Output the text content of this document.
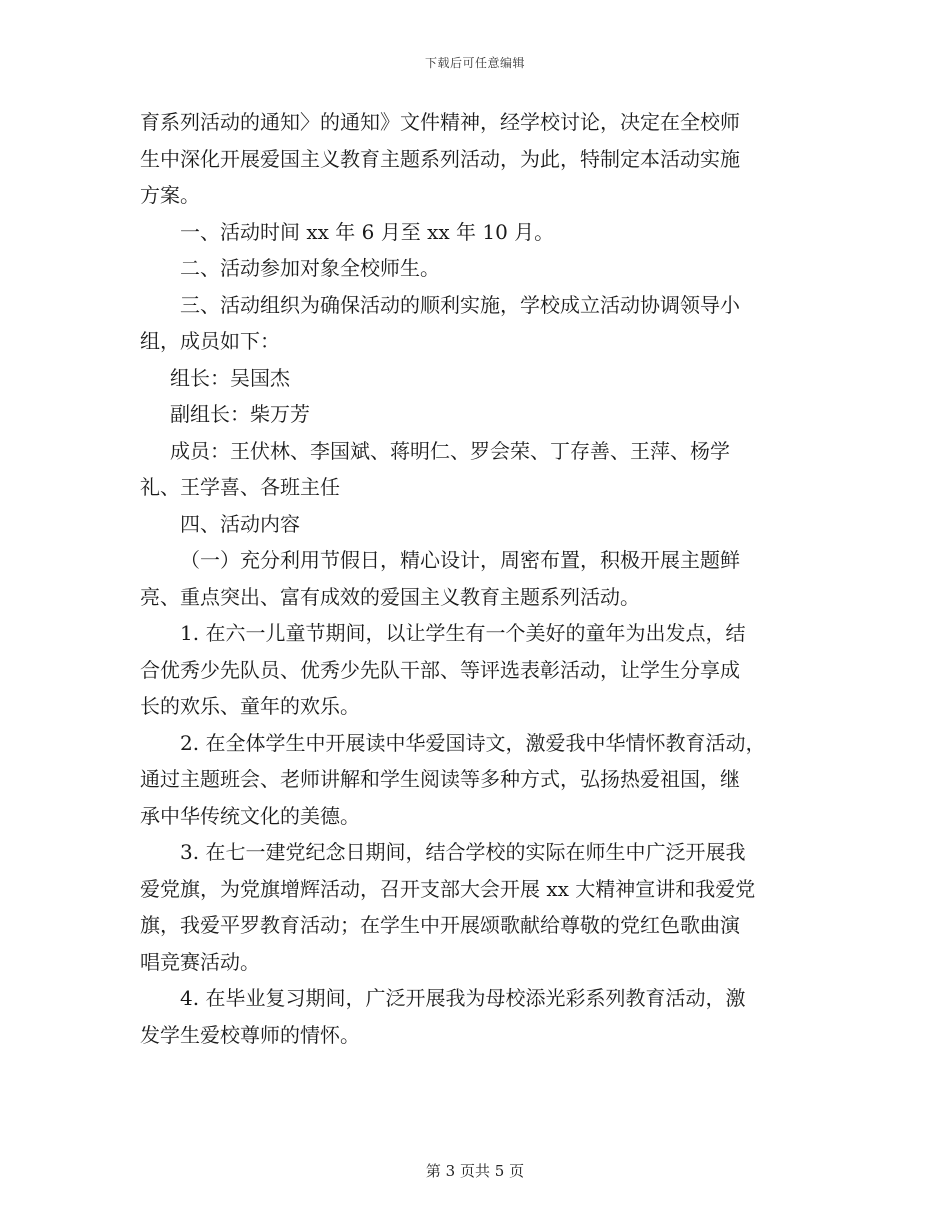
下载后可任意编辑
育系列活动的通知〉的通知》文件精神，经学校讨论，决定在全校师
生中深化开展爱国主义教育主题系列活动，为此，特制定本活动实施
方案。
一、活动时间 xx 年 6 月至 xx 年 10 月。
二、活动参加对象全校师生。
三、活动组织为确保活动的顺利实施，学校成立活动协调领导小
组，成员如下：
组长：吴国杰
副组长：柴万芳
成员：王伏林、李国斌、蒋明仁、罗会荣、丁存善、王萍、杨学
礼、王学喜、各班主任
四、活动内容
（一）充分利用节假日，精心设计，周密布置，积极开展主题鲜
亮、重点突出、富有成效的爱国主义教育主题系列活动。
1. 在六一儿童节期间，以让学生有一个美好的童年为出发点，结
合优秀少先队员、优秀少先队干部、等评选表彰活动，让学生分享成
长的欢乐、童年的欢乐。
2. 在全体学生中开展读中华爱国诗文，激爱我中华情怀教育活动，
通过主题班会、老师讲解和学生阅读等多种方式，弘扬热爱祖国，继
承中华传统文化的美德。
3. 在七一建党纪念日期间，结合学校的实际在师生中广泛开展我
爱党旗，为党旗增辉活动，召开支部大会开展 xx 大精神宣讲和我爱党
旗，我爱平罗教育活动；在学生中开展颂歌献给尊敬的党红色歌曲演
唱竞赛活动。
4. 在毕业复习期间，广泛开展我为母校添光彩系列教育活动，激
发学生爱校尊师的情怀。
第 3 页共 5 页
